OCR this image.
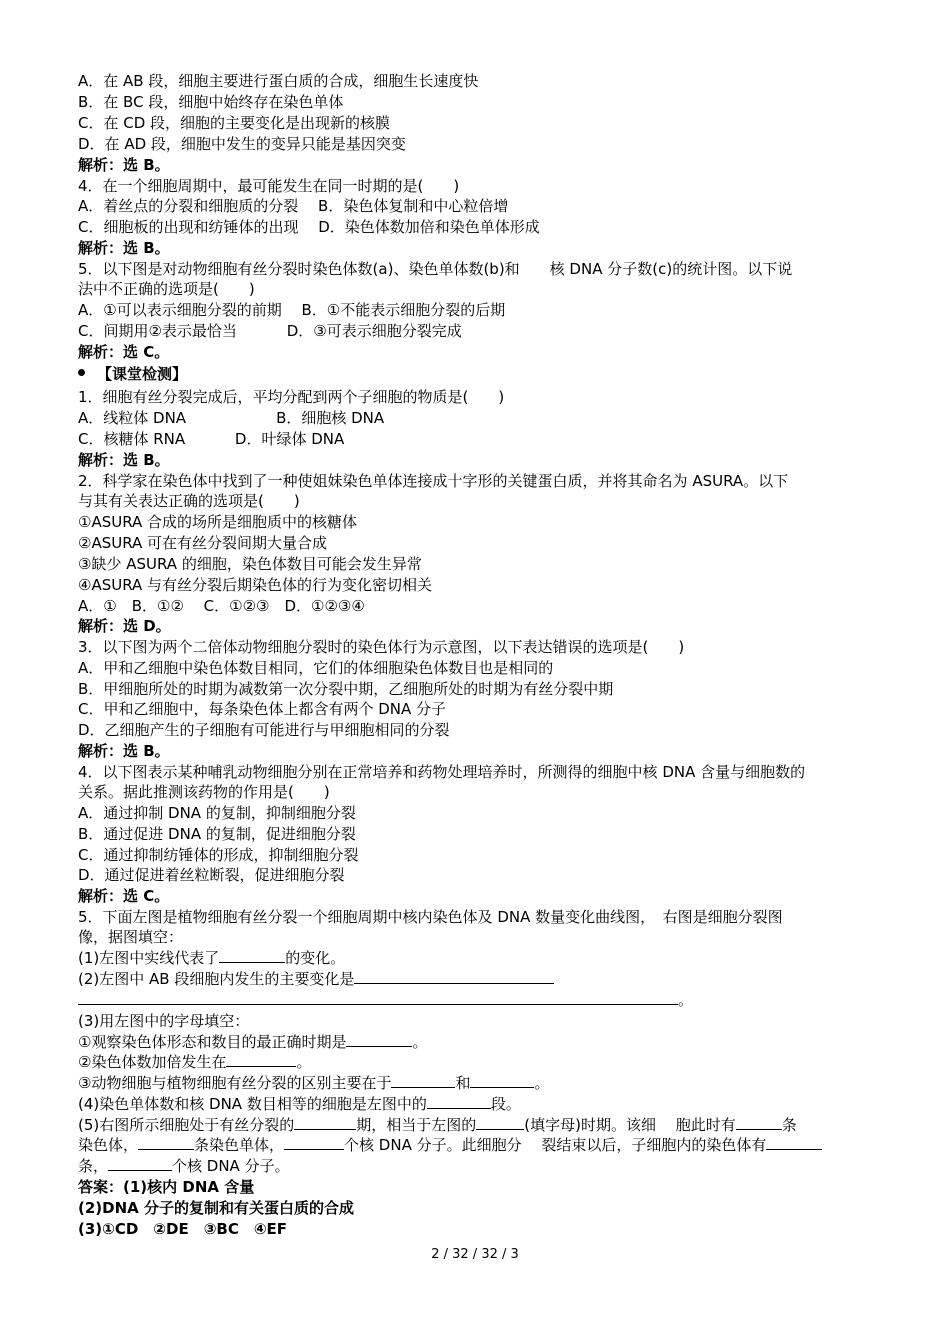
A．在 AB 段，细胞主要进行蛋白质的合成，细胞生长速度快
B．在 BC 段，细胞中始终存在染色单体
C．在 CD 段，细胞的主要变化是出现新的核膜
D．在 AD 段，细胞中发生的变异只能是基因突变
解析：选 B。
4．在一个细胞周期中，最可能发生在同一时期的是(　　)
A．着丝点的分裂和细胞质的分裂　 B．染色体复制和中心粒倍增
C．细胞板的出现和纺锤体的出现　 D．染色体数加倍和染色单体形成
解析：选 B。
5．以下图是对动物细胞有丝分裂时染色体数(a)、染色单体数(b)和　　核 DNA 分子数(c)的统计图。以下说
法中不正确的选项是(　　)
A．①可以表示细胞分裂的前期　 B．①不能表示细胞分裂的后期
C．间期用②表示最恰当　　　 D．③可表示细胞分裂完成
解析：选 C。
【课堂检测】
1．细胞有丝分裂完成后，平均分配到两个子细胞的物质是(　　)
A．线粒体 DNA　　　　　　B．细胞核 DNA
C．核糖体 RNA　　　 D．叶绿体 DNA
解析：选 B。
2．科学家在染色体中找到了一种使姐妹染色单体连接成十字形的关键蛋白质，并将其命名为 ASURA。以下
与其有关表达正确的选项是(　　)
①ASURA 合成的场所是细胞质中的核糖体
②ASURA 可在有丝分裂间期大量合成
③缺少 ASURA 的细胞，染色体数目可能会发生异常
④ASURA 与有丝分裂后期染色体的行为变化密切相关
A．①　B．①②　 C．①②③　D．①②③④
解析：选 D。
3．以下图为两个二倍体动物细胞分裂时的染色体行为示意图，以下表达错误的选项是(　　)
A．甲和乙细胞中染色体数目相同，它们的体细胞染色体数目也是相同的
B．甲细胞所处的时期为减数第一次分裂中期，乙细胞所处的时期为有丝分裂中期
C．甲和乙细胞中，每条染色体上都含有两个 DNA 分子
D．乙细胞产生的子细胞有可能进行与甲细胞相同的分裂
解析：选 B。
4．以下图表示某种哺乳动物细胞分别在正常培养和药物处理培养时，所测得的细胞中核 DNA 含量与细胞数的
关系。据此推测该药物的作用是(　　)
A．通过抑制 DNA 的复制，抑制细胞分裂
B．通过促进 DNA 的复制，促进细胞分裂
C．通过抑制纺锤体的形成，抑制细胞分裂
D．通过促进着丝粒断裂，促进细胞分裂
解析：选 C。
5．下面左图是植物细胞有丝分裂一个细胞周期中核内染色体及 DNA 数量变化曲线图，　右图是细胞分裂图
像，据图填空：
(1)左图中实线代表了	的变化。
(2)左图中 AB 段细胞内发生的主要变化是
。
(3)用左图中的字母填空：
①观察染色体形态和数目的最正确时期是	。
②染色体数加倍发生在	。
③动物细胞与植物细胞有丝分裂的区别主要在于	和	。
(4)染色单体数和核 DNA 数目相等的细胞是左图中的	段。
(5)右图所示细胞处于有丝分裂的	期，相当于左图的	(填字母)时期。该细　 胞此时有	条
染色体，	条染色单体，	个核 DNA 分子。此细胞分　 裂结束以后，子细胞内的染色体有
条，	个核 DNA 分子。
答案：(1)核内 DNA 含量
(2)DNA 分子的复制和有关蛋白质的合成
(3)①CD　②DE　③BC　④EF
2 / 32 / 32 / 3
